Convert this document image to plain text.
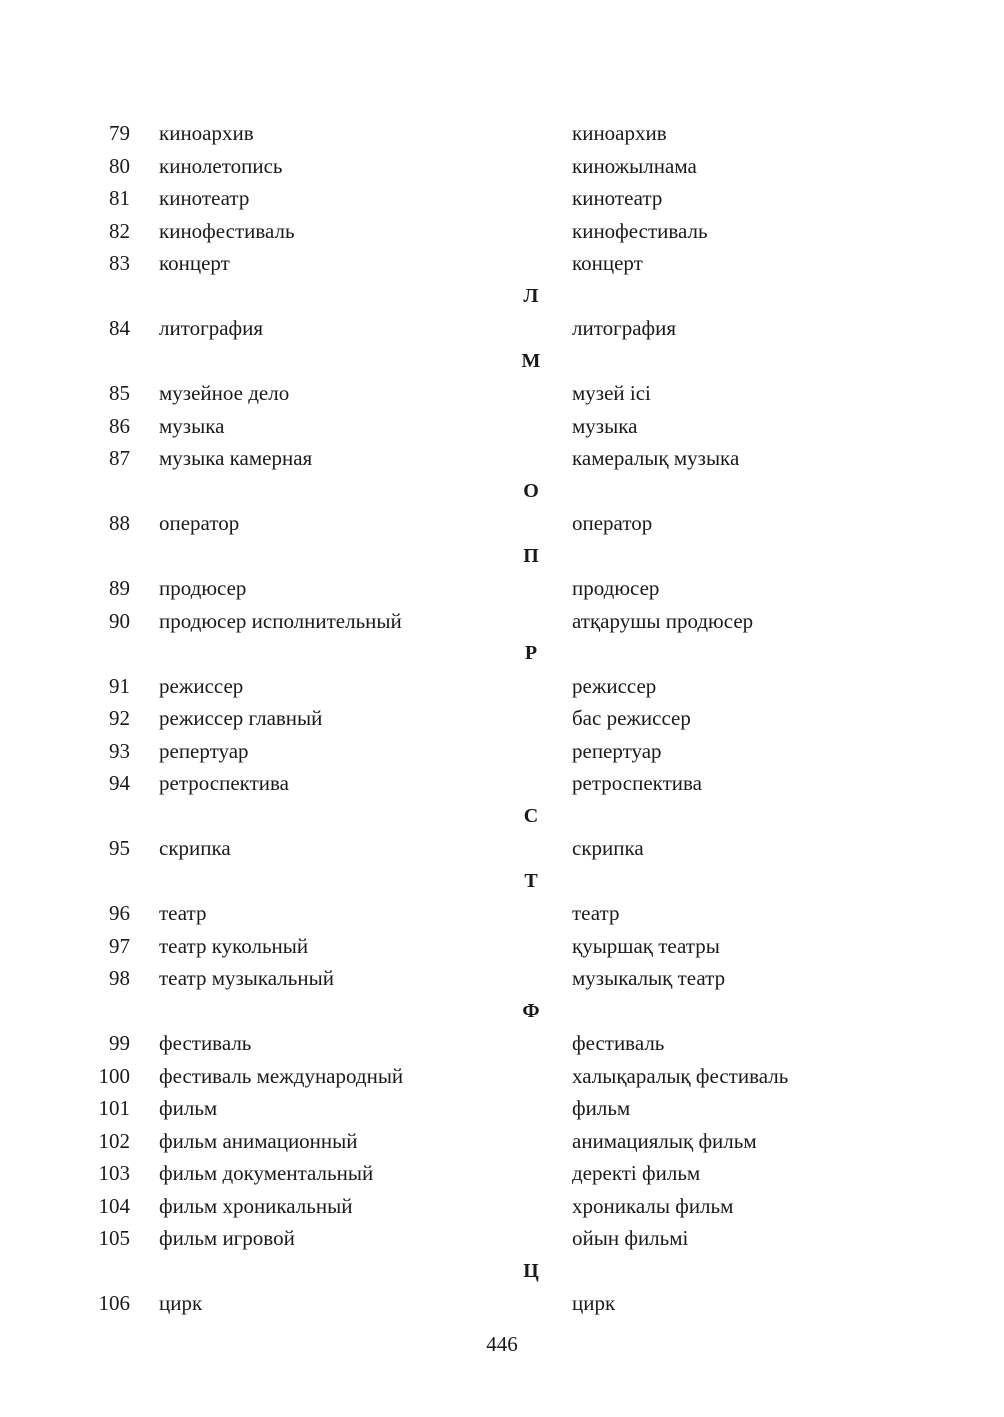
79 киноархив	киноархив
80 кинолетопись	киножылнама
81 кинотеатр	кинотеатр
82 кинофестиваль	кинофестиваль
83 концерт	концерт
Л
84 литография	литография
М
85 музейное дело	музей ісі
86 музыка	музыка
87 музыка камерная	камералық музыка
О
88 оператор	оператор
П
89 продюсер	продюсер
90 продюсер исполнительный	атқарушы продюсер
Р
91 режиссер	режиссер
92 режиссер главный	бас режиссер
93 репертуар	репертуар
94 ретроспектива	ретроспектива
С
95 скрипка	скрипка
Т
96 театр	театр
97 театр кукольный	қуыршақ театры
98 театр музыкальный	музыкалық театр
Ф
99 фестиваль	фестиваль
100 фестиваль международный	халықаралық фестиваль
101 фильм	фильм
102 фильм анимационный	анимациялық фильм
103 фильм документальный	деректі фильм
104 фильм хроникальный	хроникалы фильм
105 фильм игровой	ойын фильмі
Ц
106 цирк	цирк
446
